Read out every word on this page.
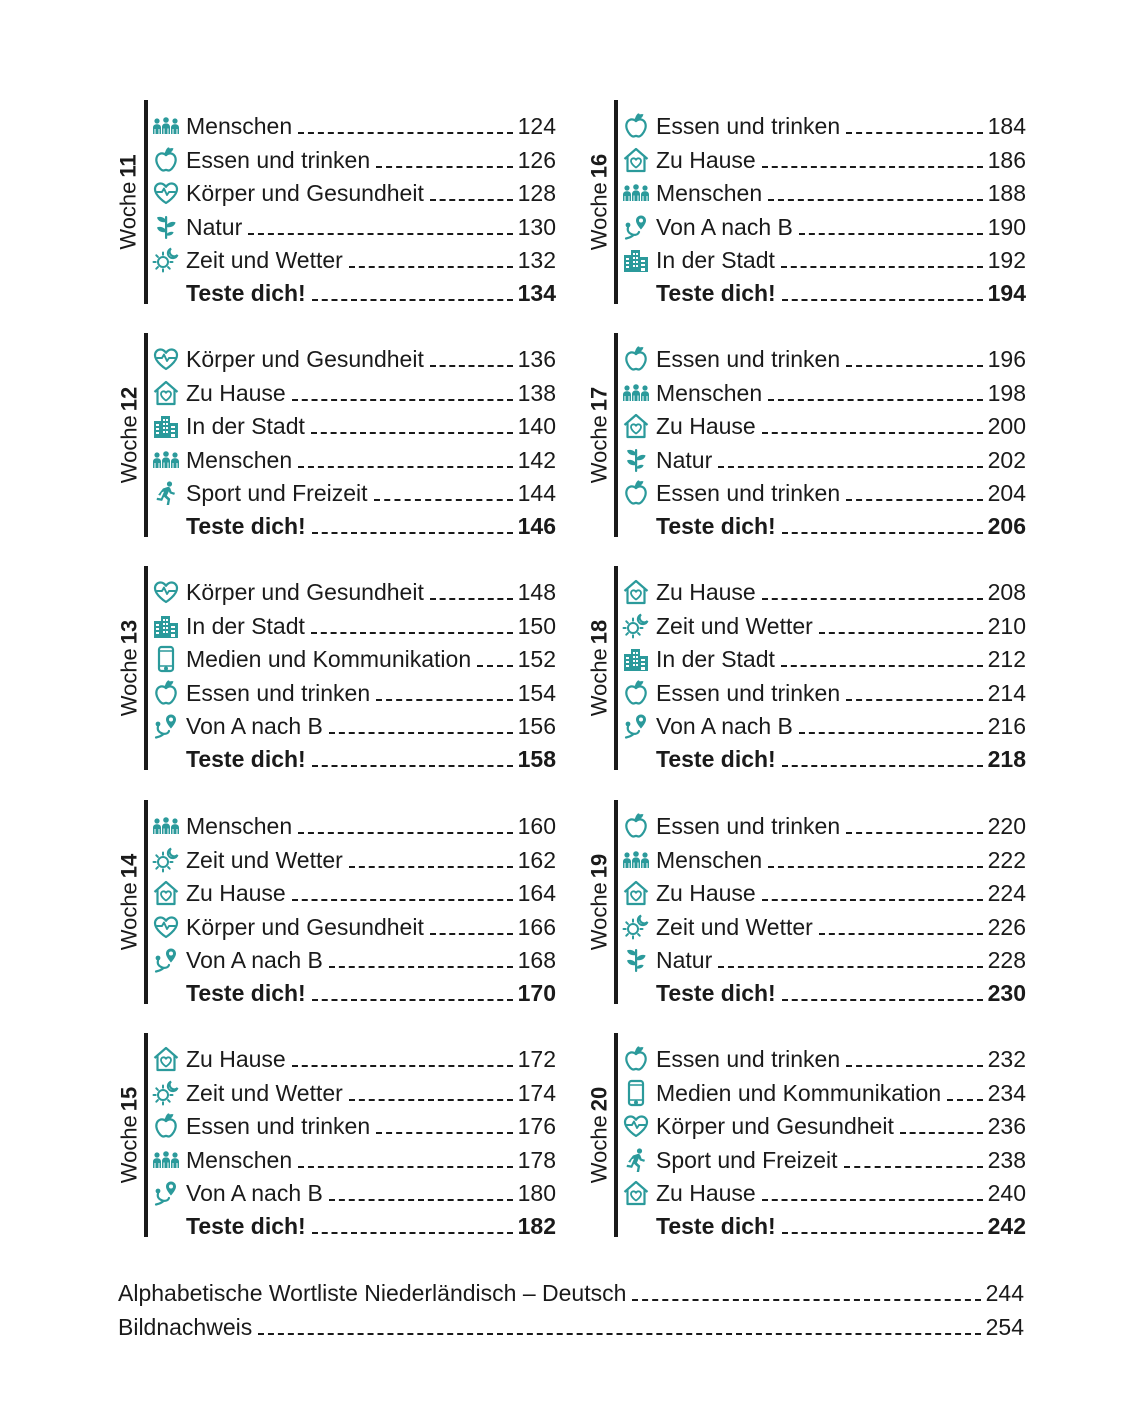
Woche11
Menschen	124
Essen und trinken	126
Körper und Gesundheit	128
Natur	130
Zeit und Wetter	132
Teste dich!	134
Woche16
Essen und trinken	184
Zu Hause	186
Menschen	188
Von A nach B	190
In der Stadt	192
Teste dich!	194
Woche12
Körper und Gesundheit	136
Zu Hause	138
In der Stadt	140
Menschen	142
Sport und Freizeit	144
Teste dich!	146
Woche17
Essen und trinken	196
Menschen	198
Zu Hause	200
Natur	202
Essen und trinken	204
Teste dich!	206
Woche13
Körper und Gesundheit	148
In der Stadt	150
Medien und Kommunikation 152
Essen und trinken	154
Von A nach B	156
Teste dich!	158
Woche18
Zu Hause	208
Zeit und Wetter	210
In der Stadt	212
Essen und trinken	214
Von A nach B	216
Teste dich!	218
Woche14
Menschen	160
Zeit und Wetter	162
Zu Hause	164
Körper und Gesundheit	166
Von A nach B	168
Teste dich!	170
Woche19
Essen und trinken	220
Menschen	222
Zu Hause	224
Zeit und Wetter	226
Natur	228
Teste dich!	230
Woche15
Zu Hause	172
Zeit und Wetter	174
Essen und trinken	176
Menschen	178
Von A nach B	180
Teste dich!	182
Woche20
Essen und trinken	232
Medien und Kommunikation 234
Körper und Gesundheit	236
Sport und Freizeit	238
Zu Hause	240
Teste dich!	242
Alphabetische Wortliste Niederländisch – Deutsch	244
Bildnachweis	254
